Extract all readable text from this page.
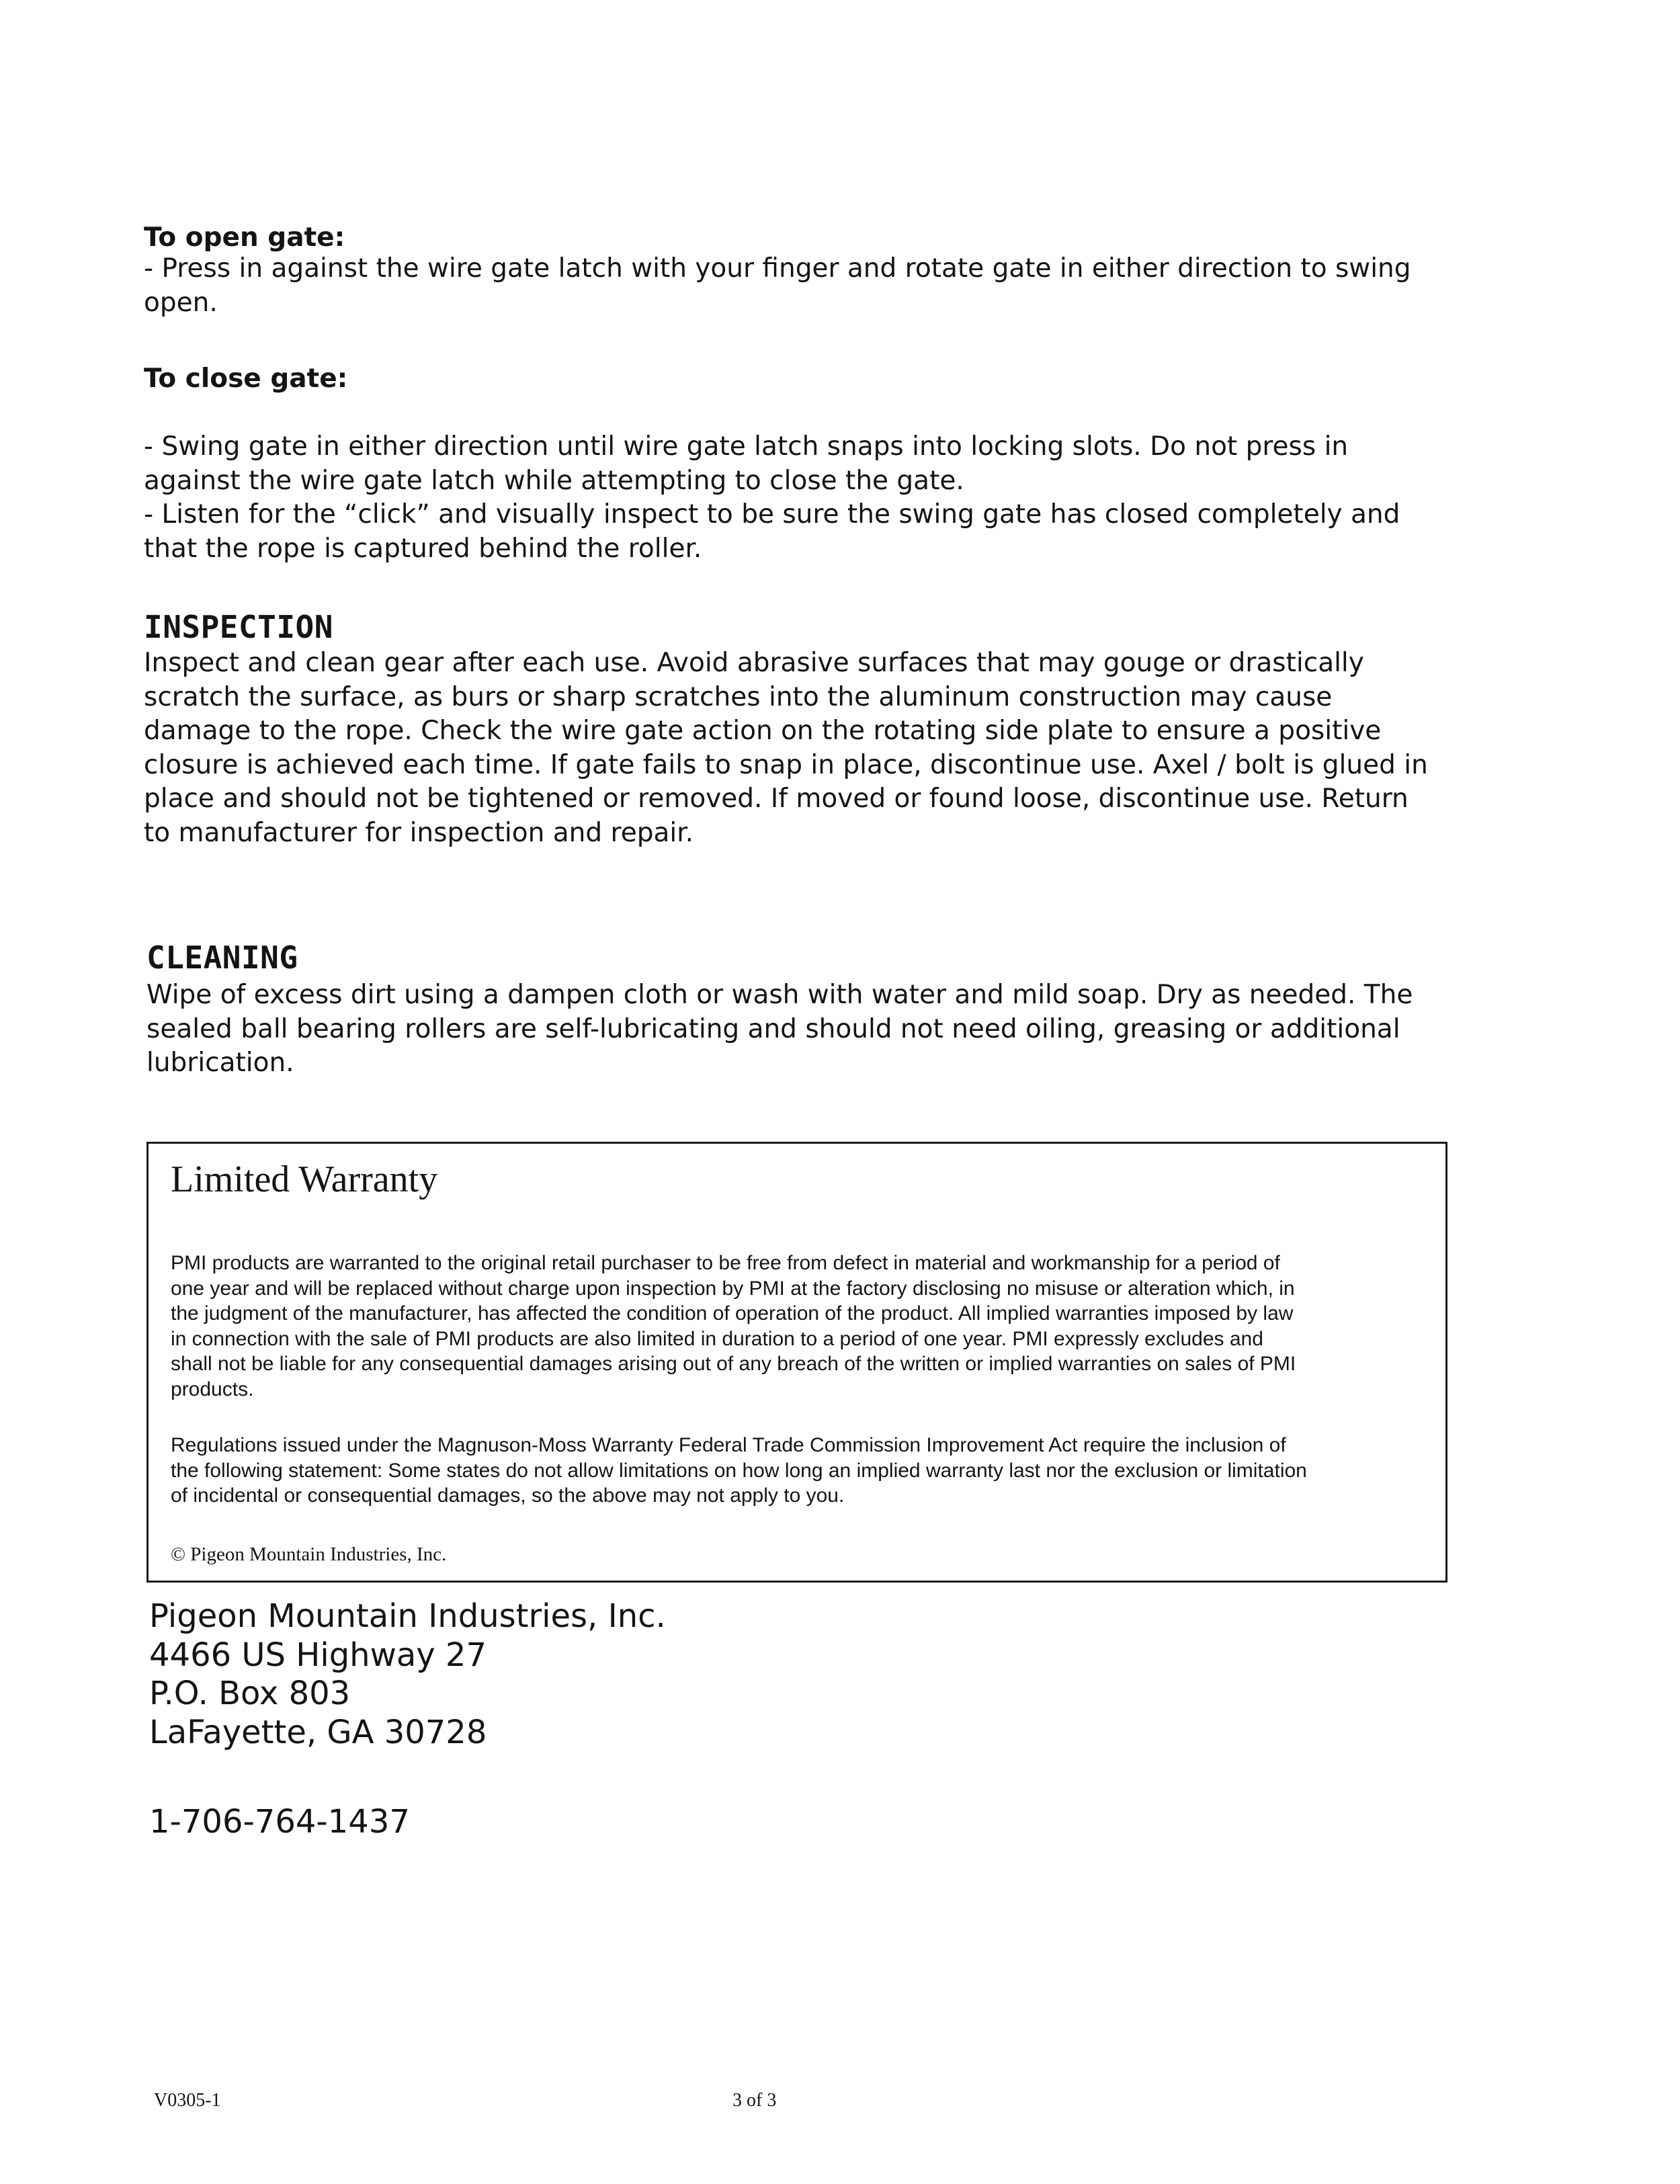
To open gate:
- Press in against the wire gate latch with your finger and rotate gate in either direction to swing
open.
To close gate:
- Swing gate in either direction until wire gate latch snaps into locking slots. Do not press in
against the wire gate latch while attempting to close the gate.
- Listen for the “click” and visually inspect to be sure the swing gate has closed completely and
that the rope is captured behind the roller.
INSPECTION
Inspect and clean gear after each use. Avoid abrasive surfaces that may gouge or drastically
scratch the surface, as burs or sharp scratches into the aluminum construction may cause
damage to the rope. Check the wire gate action on the rotating side plate to ensure a positive
closure is achieved each time. If gate fails to snap in place, discontinue use. Axel / bolt is glued in
place and should not be tightened or removed. If moved or found loose, discontinue use. Return
to manufacturer for inspection and repair.
CLEANING
Wipe of excess dirt using a dampen cloth or wash with water and mild soap. Dry as needed. The
sealed ball bearing rollers are self-lubricating and should not need oiling, greasing or additional
lubrication.
Limited Warranty
PMI products are warranted to the original retail purchaser to be free from defect in material and workmanship for a period of
one year and will be replaced without charge upon inspection by PMI at the factory disclosing no misuse or alteration which, in
the judgment of the manufacturer, has affected the condition of operation of the product. All implied warranties imposed by law
in connection with the sale of PMI products are also limited in duration to a period of one year. PMI expressly excludes and
shall not be liable for any consequential damages arising out of any breach of the written or implied warranties on sales of PMI
products.
Regulations issued under the Magnuson-Moss Warranty Federal Trade Commission Improvement Act require the inclusion of
the following statement: Some states do not allow limitations on how long an implied warranty last nor the exclusion or limitation
of incidental or consequential damages, so the above may not apply to you.
© Pigeon Mountain Industries, Inc.
Pigeon Mountain Industries, Inc.
4466 US Highway 27
P.O. Box 803
LaFayette, GA 30728
1-706-764-1437
V0305-1	3 of 3
